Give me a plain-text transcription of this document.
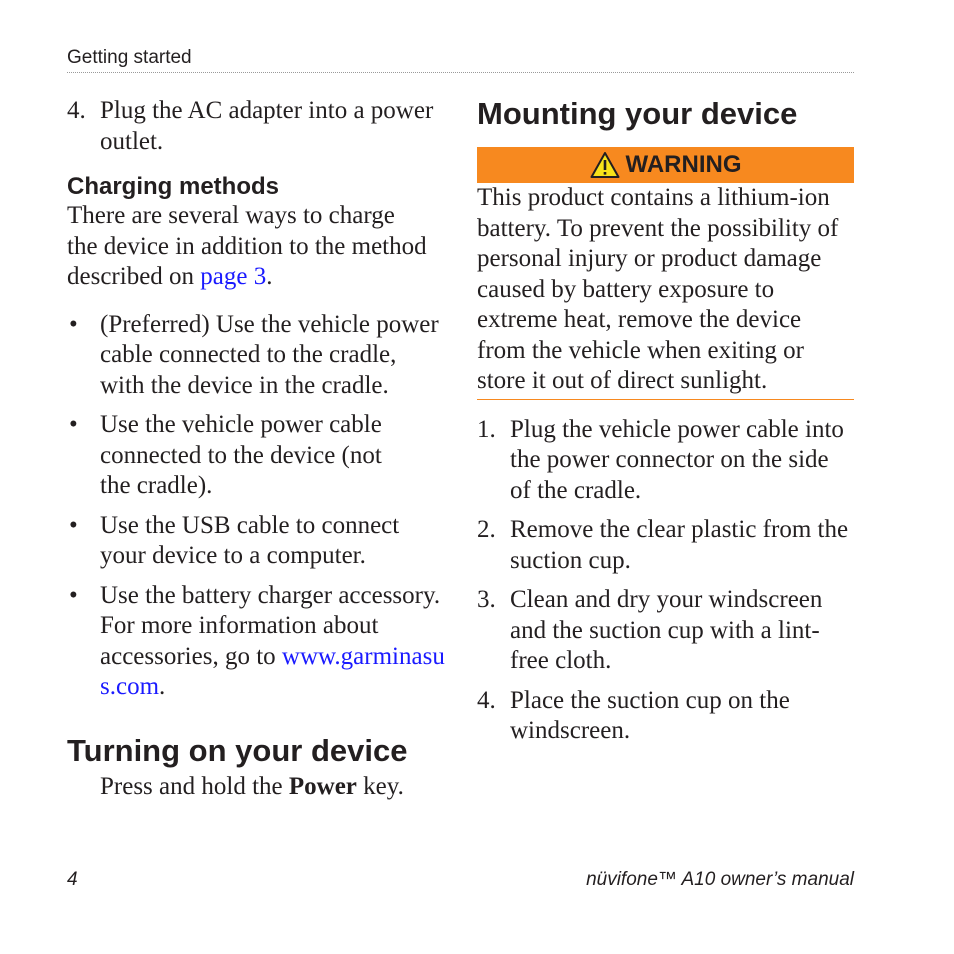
Getting started
4. Plug the AC adapter into a power outlet.
Charging methods
There are several ways to charge the device in addition to the method described on page 3.
• (Preferred) Use the vehicle power cable connected to the cradle, with the device in the cradle.
• Use the vehicle power cable connected to the device (not the cradle).
• Use the USB cable to connect your device to a computer.
• Use the battery charger accessory. For more information about accessories, go to www.garminasus.com.
Turning on your device
Press and hold the Power key.
Mounting your device
WARNING
This product contains a lithium-ion battery. To prevent the possibility of personal injury or product damage caused by battery exposure to extreme heat, remove the device from the vehicle when exiting or store it out of direct sunlight.
1. Plug the vehicle power cable into the power connector on the side of the cradle.
2. Remove the clear plastic from the suction cup.
3. Clean and dry your windscreen and the suction cup with a lint-free cloth.
4. Place the suction cup on the windscreen.
4	nüvifone™ A10 owner’s manual
